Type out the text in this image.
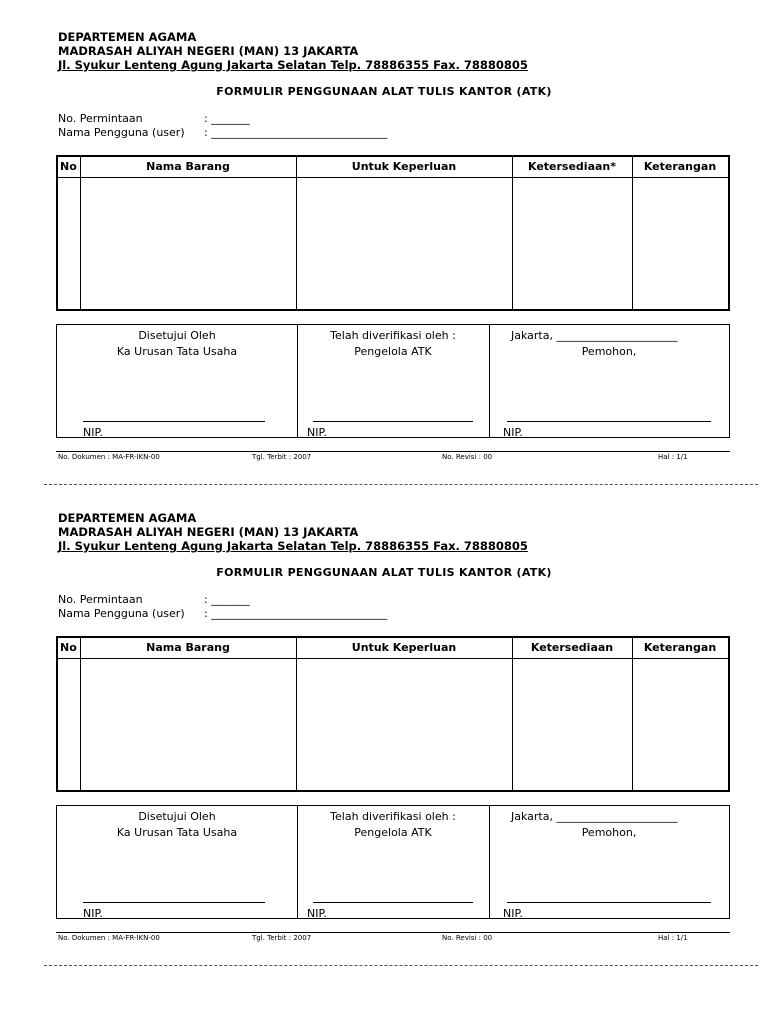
DEPARTEMEN AGAMA
MADRASAH ALIYAH NEGERI (MAN) 13 JAKARTA
Jl. Syukur Lenteng Agung Jakarta Selatan Telp. 78886355 Fax. 78880805
FORMULIR PENGGUNAAN ALAT TULIS KANTOR (ATK)
No. Permintaan	: _______
Nama Pengguna (user) : ________________________________
No	Nama Barang	Untuk Keperluan	Ketersediaan*	Keterangan
Disetujui Oleh
Ka Urusan Tata Usaha
NIP.
Telah diverifikasi oleh :
Pengelola ATK
NIP.
Jakarta, ______________________
Pemohon,
NIP.
No. Dokumen : MA-FR-IKN-00	Tgl. Terbit : 2007	No. Revisi : 00	Hal : 1/1
DEPARTEMEN AGAMA
MADRASAH ALIYAH NEGERI (MAN) 13 JAKARTA
Jl. Syukur Lenteng Agung Jakarta Selatan Telp. 78886355 Fax. 78880805
FORMULIR PENGGUNAAN ALAT TULIS KANTOR (ATK)
No. Permintaan	: _______
Nama Pengguna (user) : ________________________________
No	Nama Barang	Untuk Keperluan	Ketersediaan	Keterangan
Disetujui Oleh
Ka Urusan Tata Usaha
NIP.
Telah diverifikasi oleh :
Pengelola ATK
NIP.
Jakarta, ______________________
Pemohon,
NIP.
No. Dokumen : MA-FR-IKN-00	Tgl. Terbit : 2007	No. Revisi : 00	Hal : 1/1
